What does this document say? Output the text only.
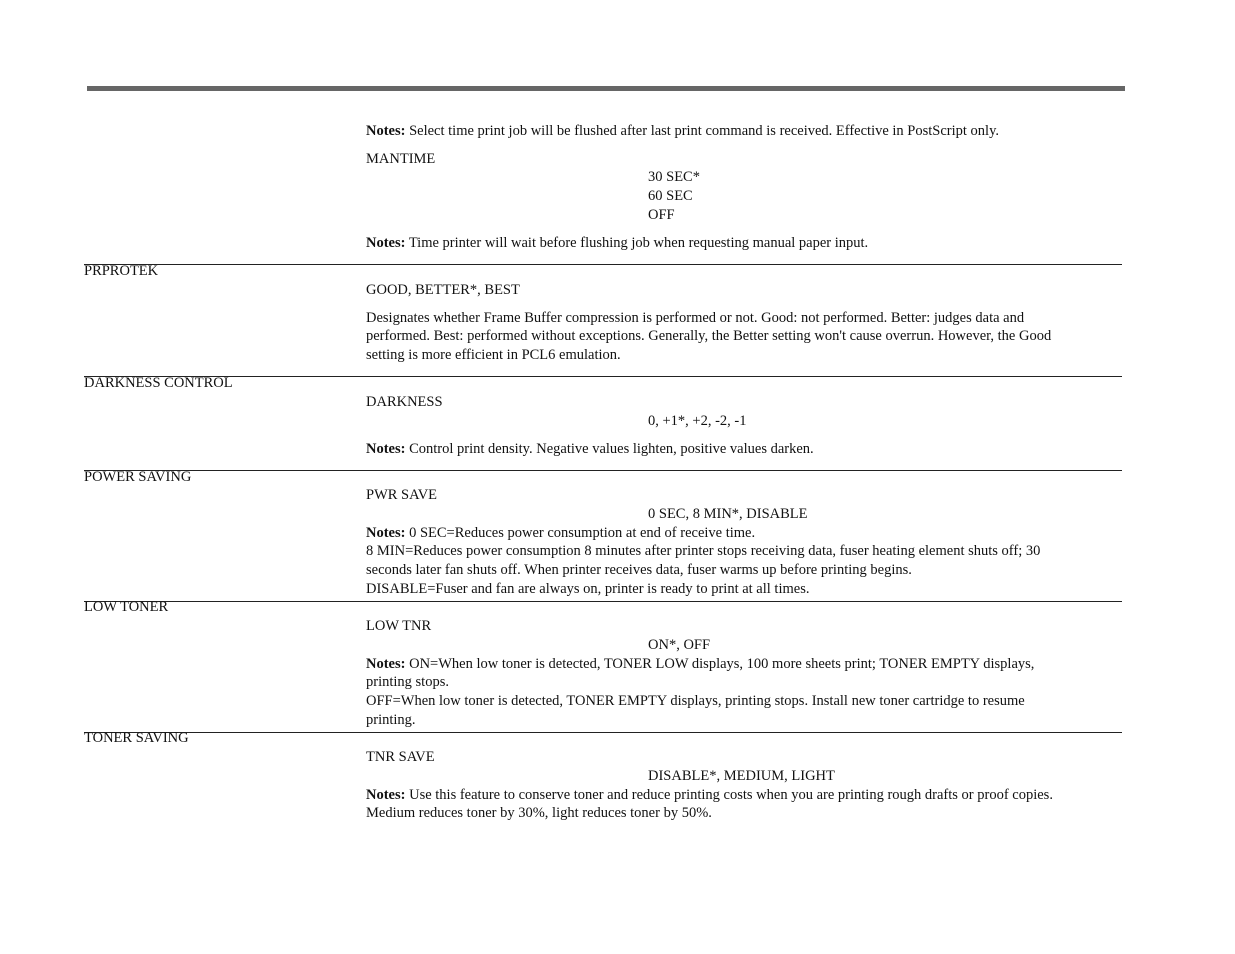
Notes: Select time print job will be flushed after last print command is received. Effective in PostScript only.
MANTIME
30 SEC*
60 SEC
OFF
Notes: Time printer will wait before flushing job when requesting manual paper input.
PRPROTEK
GOOD, BETTER*, BEST
Designates whether Frame Buffer compression is performed or not. Good: not performed. Better: judges data and
performed. Best: performed without exceptions. Generally, the Better setting won't cause overrun. However, the Good
setting is more efficient in PCL6 emulation.
DARKNESS CONTROL
DARKNESS
0, +1*, +2, -2, -1
Notes: Control print density. Negative values lighten, positive values darken.
POWER SAVING
PWR SAVE
0 SEC, 8 MIN*, DISABLE
Notes: 0 SEC=Reduces power consumption at end of receive time.
8 MIN=Reduces power consumption 8 minutes after printer stops receiving data, fuser heating element shuts off; 30
seconds later fan shuts off. When printer receives data, fuser warms up before printing begins.
DISABLE=Fuser and fan are always on, printer is ready to print at all times.
LOW TONER
LOW TNR
ON*, OFF
Notes: ON=When low toner is detected, TONER LOW displays, 100 more sheets print; TONER EMPTY displays,
printing stops.
OFF=When low toner is detected, TONER EMPTY displays, printing stops. Install new toner cartridge to resume
printing.
TONER SAVING
TNR SAVE
DISABLE*, MEDIUM, LIGHT
Notes: Use this feature to conserve toner and reduce printing costs when you are printing rough drafts or proof copies.
Medium reduces toner by 30%, light reduces toner by 50%.
